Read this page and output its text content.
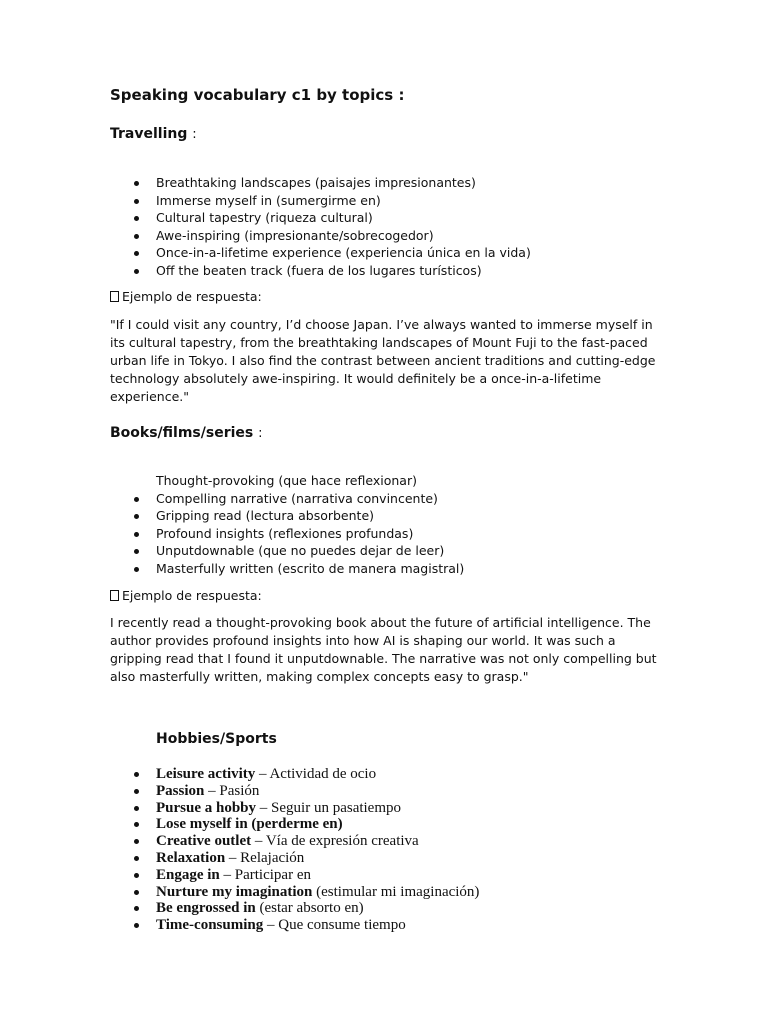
Speaking vocabulary c1 by topics :
Travelling :
Breathtaking landscapes (paisajes impresionantes)
Immerse myself in (sumergirme en)
Cultural tapestry (riqueza cultural)
Awe-inspiring (impresionante/sobrecogedor)
Once-in-a-lifetime experience (experiencia única en la vida)
Off the beaten track (fuera de los lugares turísticos)
Ejemplo de respuesta:
"If I could visit any country, I’d choose Japan. I’ve always wanted to immerse myself in its cultural tapestry, from the breathtaking landscapes of Mount Fuji to the fast-paced urban life in Tokyo. I also find the contrast between ancient traditions and cutting-edge technology absolutely awe-inspiring. It would definitely be a once-in-a-lifetime experience."
Books/films/series :
Thought-provoking (que hace reflexionar)
Compelling narrative (narrativa convincente)
Gripping read (lectura absorbente)
Profound insights (reflexiones profundas)
Unputdownable (que no puedes dejar de leer)
Masterfully written (escrito de manera magistral)
Ejemplo de respuesta:
I recently read a thought-provoking book about the future of artificial intelligence. The author provides profound insights into how AI is shaping our world. It was such a gripping read that I found it unputdownable. The narrative was not only compelling but also masterfully written, making complex concepts easy to grasp."
Hobbies/Sports
Leisure activity – Actividad de ocio
Passion – Pasión
Pursue a hobby – Seguir un pasatiempo
Lose myself in (perderme en)
Creative outlet – Vía de expresión creativa
Relaxation – Relajación
Engage in – Participar en
Nurture my imagination (estimular mi imaginación)
Be engrossed in (estar absorto en)
Time-consuming – Que consume tiempo
